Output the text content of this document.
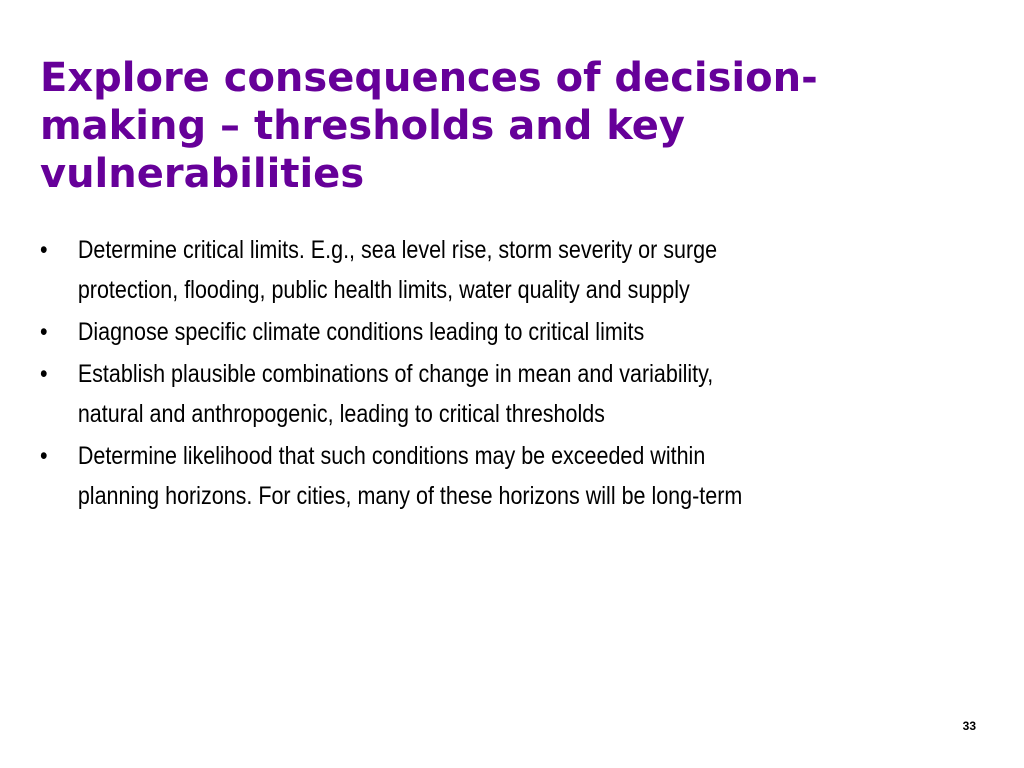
Explore consequences of decision-
making – thresholds and key
vulnerabilities
• Determine critical limits. E.g., sea level rise, storm severity or surge
protection, flooding, public health limits, water quality and supply
• Diagnose specific climate conditions leading to critical limits
• Establish plausible combinations of change in mean and variability,
natural and anthropogenic, leading to critical thresholds
• Determine likelihood that such conditions may be exceeded within
planning horizons. For cities, many of these horizons will be long-term
33
